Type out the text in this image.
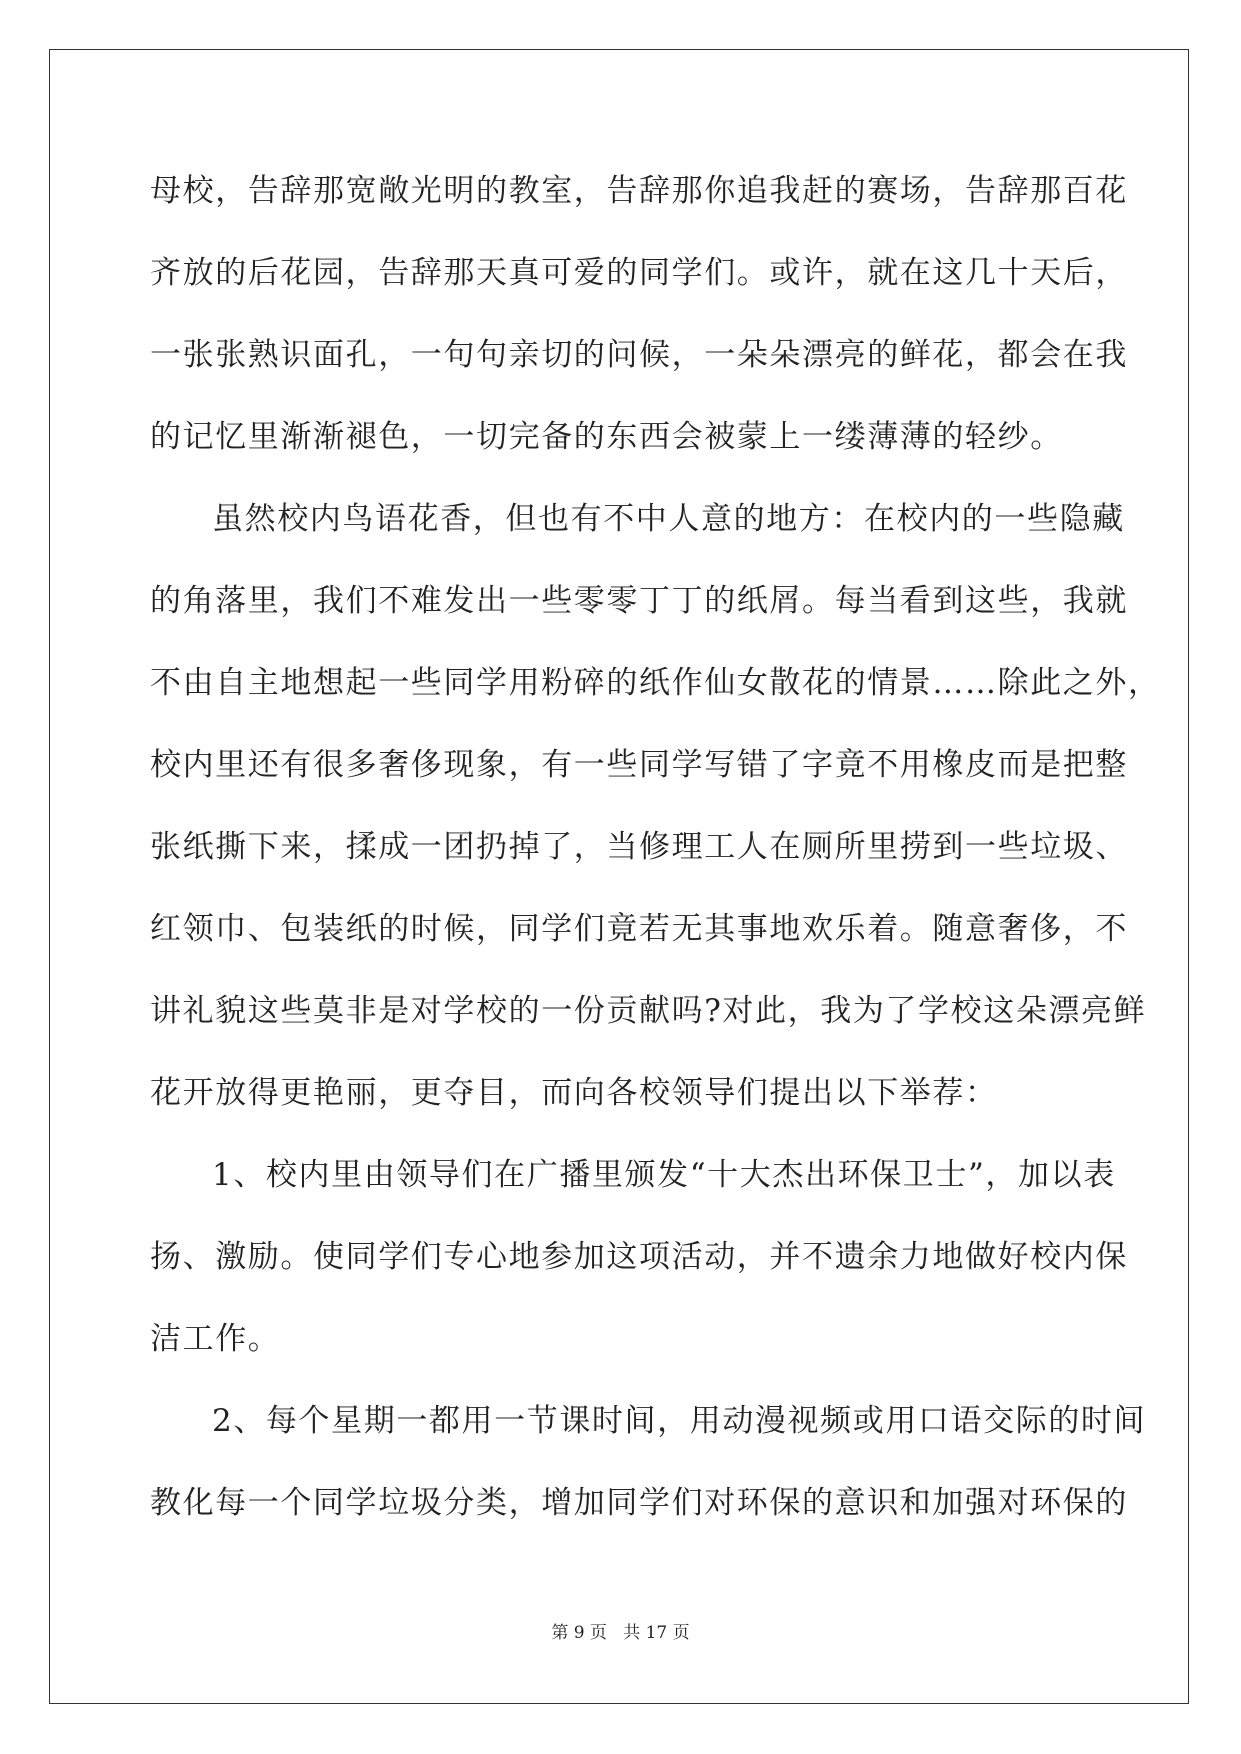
母校，告辞那宽敞光明的教室，告辞那你追我赶的赛场，告辞那百花
齐放的后花园，告辞那天真可爱的同学们。或许，就在这几十天后，
一张张熟识面孔，一句句亲切的问候，一朵朵漂亮的鲜花，都会在我
的记忆里渐渐褪色，一切完备的东西会被蒙上一缕薄薄的轻纱。
虽然校内鸟语花香，但也有不中人意的地方：在校内的一些隐藏
的角落里，我们不难发出一些零零丁丁的纸屑。每当看到这些，我就
不由自主地想起一些同学用粉碎的纸作仙女散花的情景……除此之外，
校内里还有很多奢侈现象，有一些同学写错了字竟不用橡皮而是把整
张纸撕下来，揉成一团扔掉了，当修理工人在厕所里捞到一些垃圾、
红领巾、包装纸的时候，同学们竟若无其事地欢乐着。随意奢侈，不
讲礼貌这些莫非是对学校的一份贡献吗?对此，我为了学校这朵漂亮鲜
花开放得更艳丽，更夺目，而向各校领导们提出以下举荐：
1、校内里由领导们在广播里颁发“十大杰出环保卫士”，加以表
扬、激励。使同学们专心地参加这项活动，并不遗余力地做好校内保
洁工作。
2、每个星期一都用一节课时间，用动漫视频或用口语交际的时间
教化每一个同学垃圾分类，增加同学们对环保的意识和加强对环保的
第 9 页   共 17 页
